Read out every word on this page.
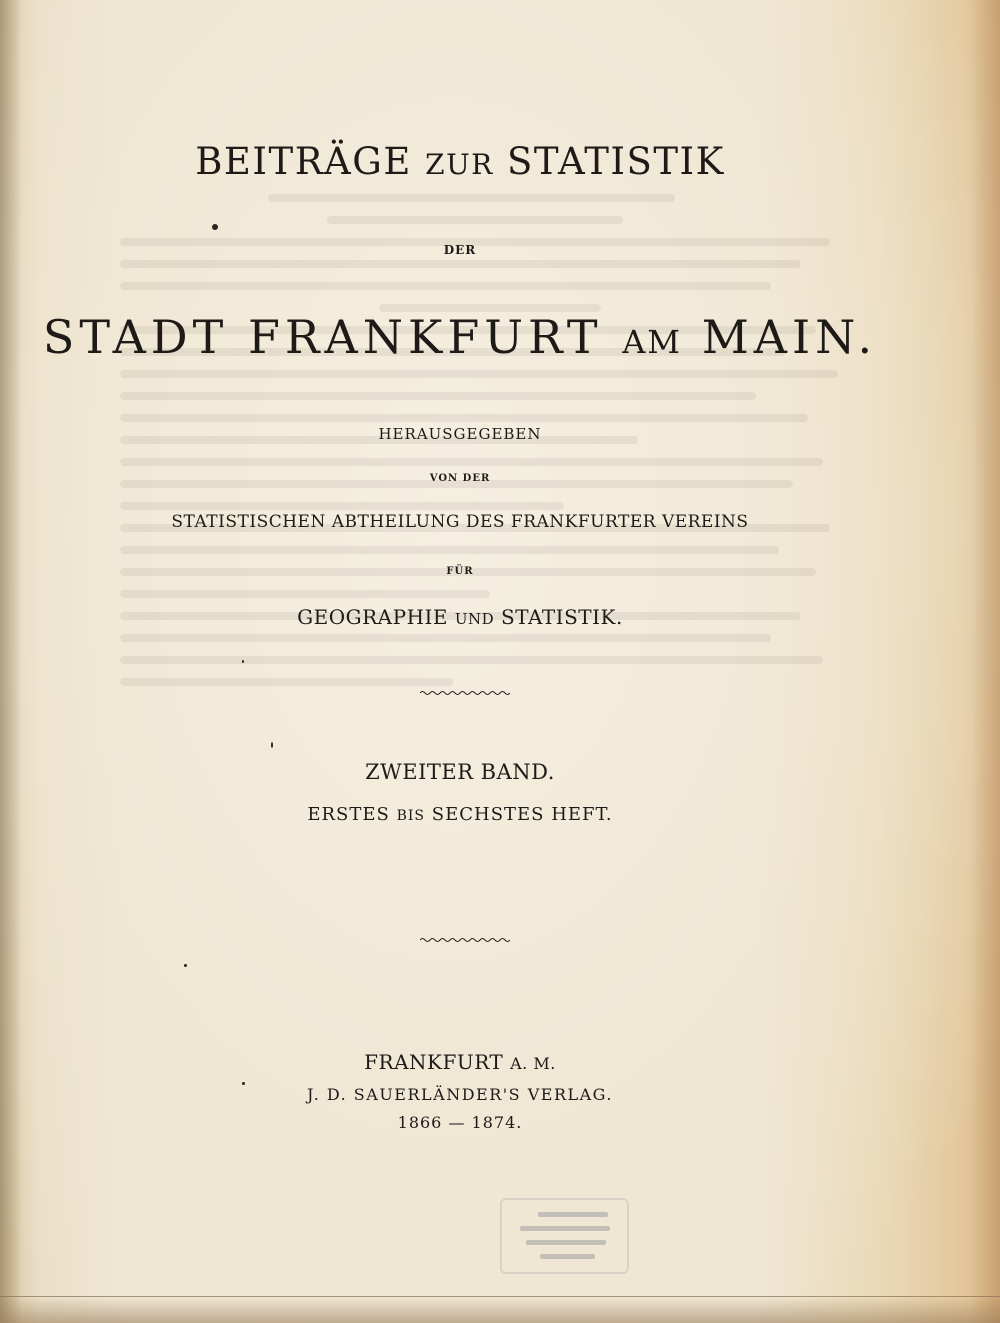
BEITRÄGE ZUR STATISTIK
DER
STADT FRANKFURT AM MAIN.
HERAUSGEGEBEN
VON DER
STATISTISCHEN ABTHEILUNG DES FRANKFURTER VEREINS
FÜR
GEOGRAPHIE UND STATISTIK.
ZWEITER BAND.
ERSTES BIS SECHSTES HEFT.
FRANKFURT A. M.
J. D. SAUERLÄNDER'S VERLAG.
1866 — 1874.
